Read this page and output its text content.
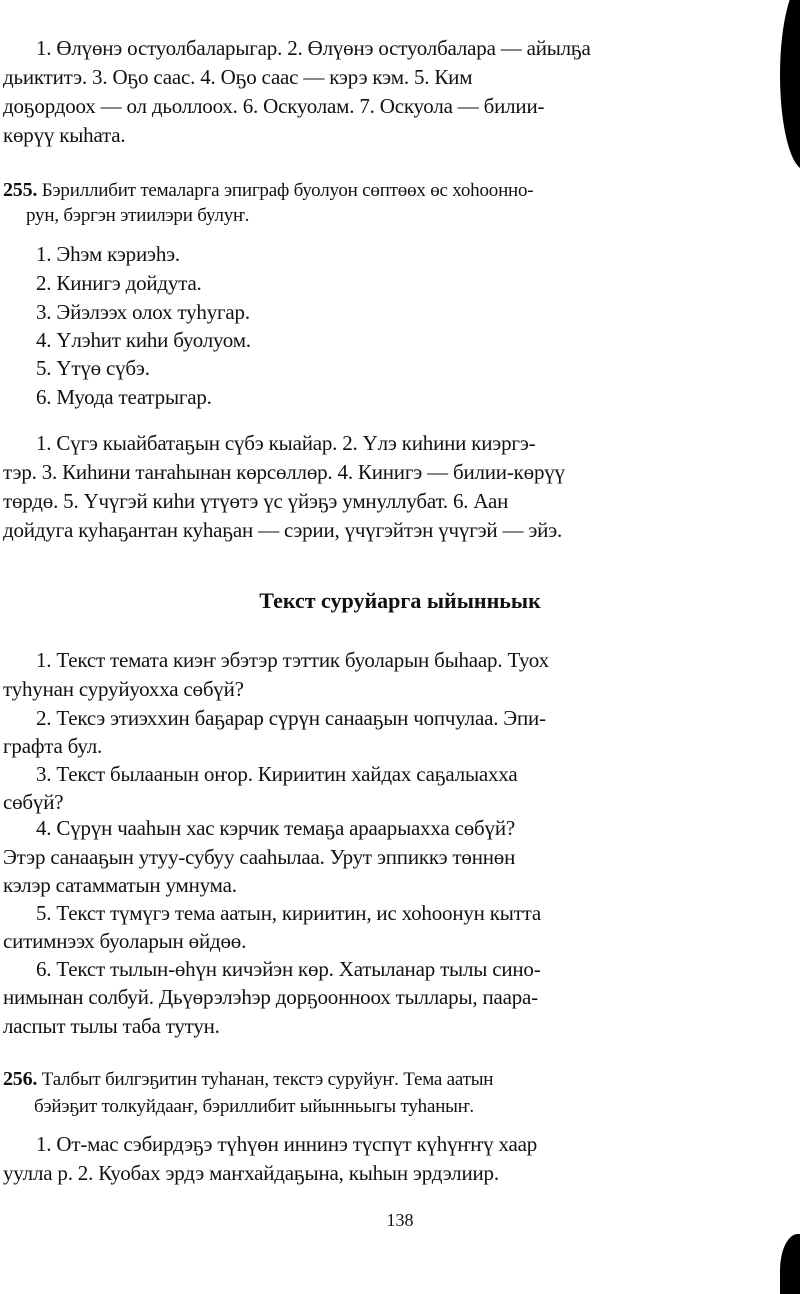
1. Өлүөнэ остуолбаларыгар. 2. Өлүөнэ остуолбалара — айылҕа
дьиктитэ. 3. Оҕо саас. 4. Оҕо саас — кэрэ кэм. 5. Ким
доҕордоох — ол дьоллоох. 6. Оскуолам. 7. Оскуола — билии-
көрүү кыһата.
255. Бэриллибит темаларга эпиграф буолуон сөптөөх өс хоһооннo-
рун, бэргэн этиилэри булуҥ.
1. Эһэм кэриэһэ.
2. Кинигэ дойдута.
3. Эйэлээх олох туһугар.
4. Үлэһит киһи буолуом.
5. Үтүө сүбэ.
6. Муода театрыгар.
1. Сүгэ кыайбатаҕын сүбэ кыайар. 2. Үлэ киһини киэргэ-
тэр. 3. Киһини таҥаһынан көрсөллөр. 4. Кинигэ — билии-көрүү
төрдө. 5. Үчүгэй киһи үтүөтэ үс үйэҕэ умнуллубат. 6. Аан
дойдуга куһаҕантан куһаҕан — сэрии, үчүгэйтэн үчүгэй — эйэ.
Текст суруйарга ыйынньык
1. Текст темата киэҥ эбэтэр тэттик буоларын быһаар. Туох
туһунан суруйуохха сөбүй?
2. Тексэ этиэххин баҕарар сүрүн санааҕын чопчулаа. Эпи-
графта бул.
3. Текст былаанын оҥор. Кириитин хайдах саҕалыахха
сөбүй?
4. Сүрүн чааһын хас кэрчик темаҕа араарыахха сөбүй?
Этэр санааҕын утуу-субуу сааһылаа. Урут эппиккэ төннөн
кэлэр сатамматын умнума.
5. Текст түмүгэ тема аатын, кириитин, ис хоһоонун кытта
ситимнээх буоларын өйдөө.
6. Текст тылын-өһүн кичэйэн көр. Хатыланар тылы сино-
нимынан солбуй. Дьүөрэлэһэр дорҕооннoох тыллары, паара-
ласпыт тылы таба тутун.
256. Талбыт билгэҕитин туһанан, текстэ суруйуҥ. Тема аатын
бэйэҕит толкуйдааҥ, бэриллибит ыйынньыгы туһаныҥ.
1. От-мас сэбирдэҕэ түһүөн иннинэ түспүт күһүҥҥү хаар
уулла р. 2. Куобах эрдэ маҥхайдаҕына, кыһын эрдэлиир.
138
